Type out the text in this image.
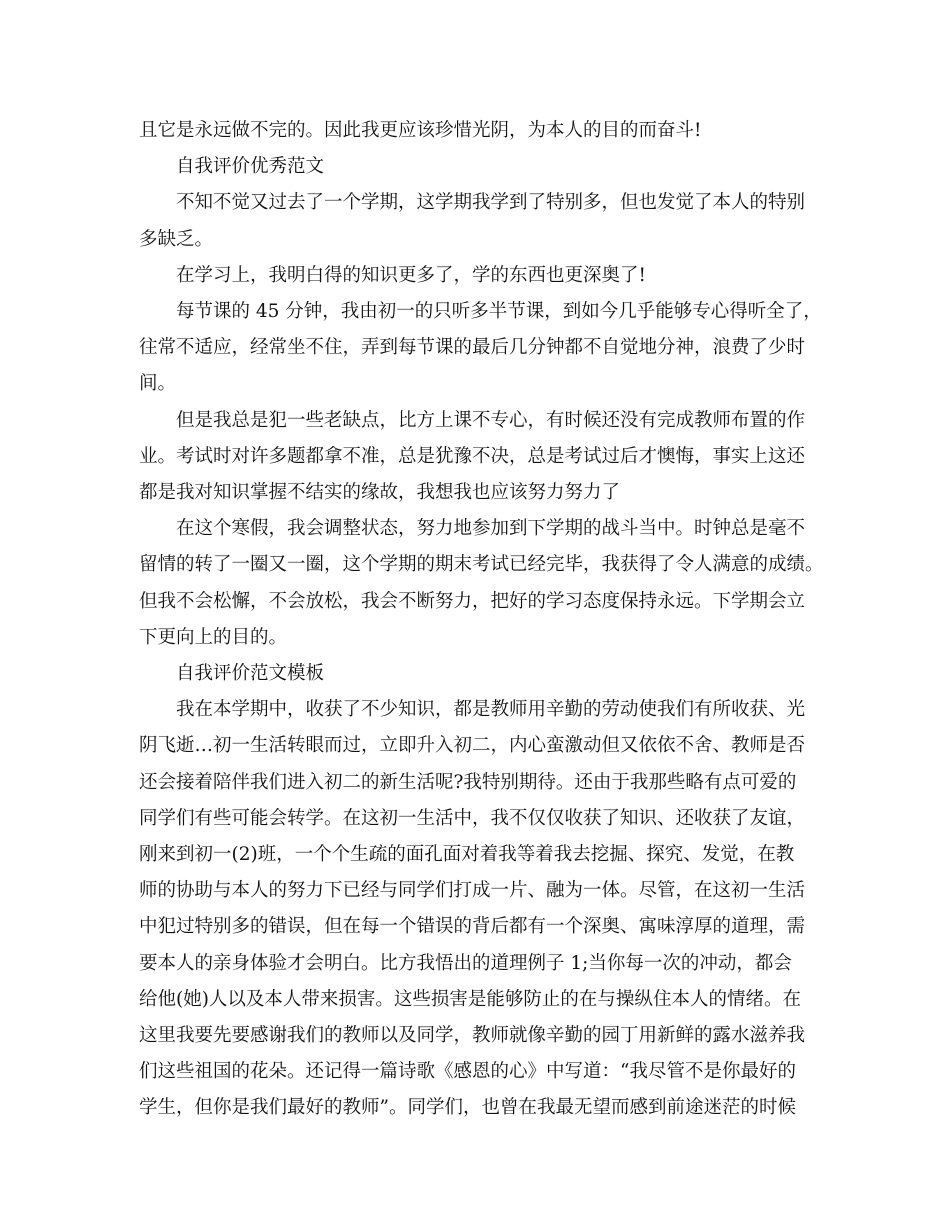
且它是永远做不完的。因此我更应该珍惜光阴，为本人的目的而奋斗!

自我评价优秀范文

不知不觉又过去了一个学期，这学期我学到了特别多，但也发觉了本人的特别
多缺乏。

在学习上，我明白得的知识更多了，学的东西也更深奥了!

每节课的 45 分钟，我由初一的只听多半节课，到如今几乎能够专心得听全了，
往常不适应，经常坐不住，弄到每节课的最后几分钟都不自觉地分神，浪费了少时
间。

但是我总是犯一些老缺点，比方上课不专心，有时候还没有完成教师布置的作
业。考试时对许多题都拿不准，总是犹豫不决，总是考试过后才懊悔，事实上这还
都是我对知识掌握不结实的缘故，我想我也应该努力努力了

在这个寒假，我会调整状态，努力地参加到下学期的战斗当中。时钟总是毫不
留情的转了一圈又一圈，这个学期的期末考试已经完毕，我获得了令人满意的成绩。
但我不会松懈，不会放松，我会不断努力，把好的学习态度保持永远。下学期会立
下更向上的目的。

自我评价范文模板

我在本学期中，收获了不少知识，都是教师用辛勤的劳动使我们有所收获、光
阴飞逝…初一生活转眼而过，立即升入初二，内心蛮激动但又依依不舍、教师是否
还会接着陪伴我们进入初二的新生活呢?我特别期待。还由于我那些略有点可爱的
同学们有些可能会转学。在这初一生活中，我不仅仅收获了知识、还收获了友谊，
刚来到初一(2)班，一个个生疏的面孔面对着我等着我去挖掘、探究、发觉，在教
师的协助与本人的努力下已经与同学们打成一片、融为一体。尽管，在这初一生活
中犯过特别多的错误，但在每一个错误的背后都有一个深奥、寓味淳厚的道理，需
要本人的亲身体验才会明白。比方我悟出的道理例子 1;当你每一次的冲动，都会
给他(她)人以及本人带来损害。这些损害是能够防止的在与操纵住本人的情绪。在
这里我要先要感谢我们的教师以及同学，教师就像辛勤的园丁用新鲜的露水滋养我
们这些祖国的花朵。还记得一篇诗歌《感恩的心》中写道：“我尽管不是你最好的
学生，但你是我们最好的教师”。同学们，也曾在我最无望而感到前途迷茫的时候
